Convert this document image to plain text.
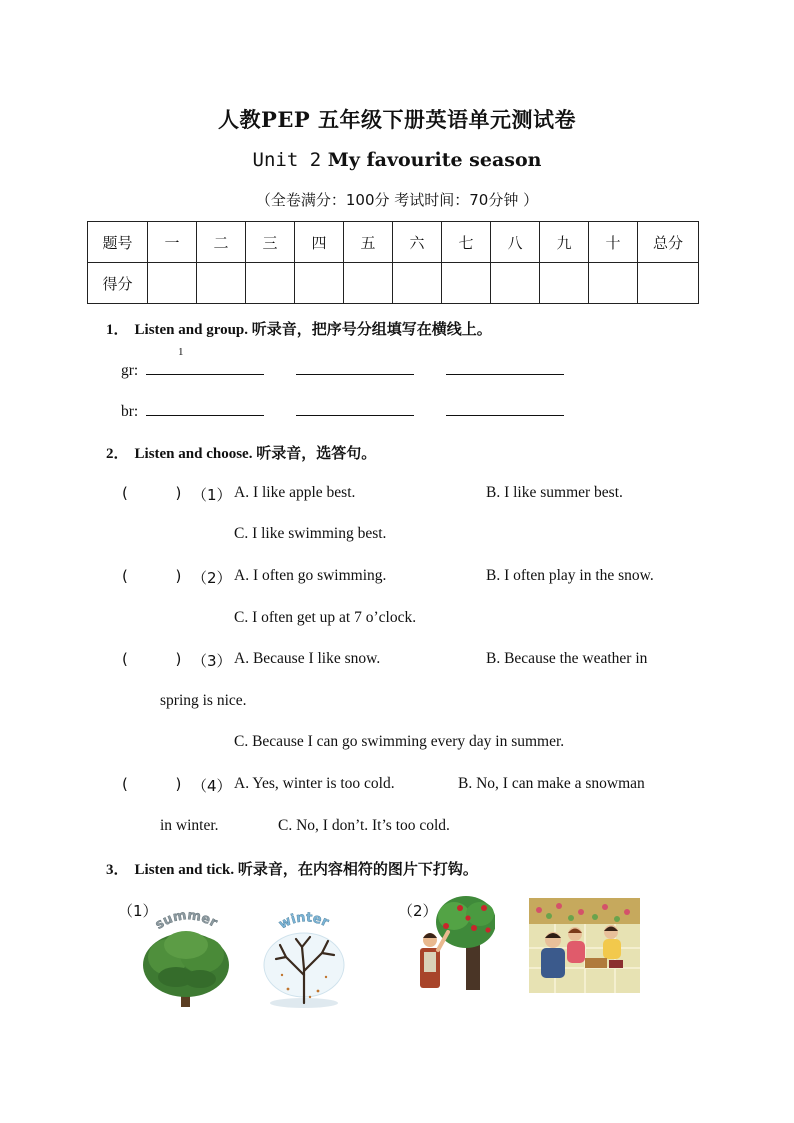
人教PEP 五年级下册英语单元测试卷
Unit 2 My favourite season
（全卷满分：100分 考试时间：70分钟 ）
题号	一	二	三	四	五	六	七	八	九	十	总分
得分											
1． Listen and group. 听录音，把序号分组填写在横线上。
1
gr:
br:
2． Listen and choose. 听录音，选答句。
(          ) （1） A. I like apple best.	B. I like summer best.
C. I like swimming best.
(          ) （2） A. I often go swimming.	B. I often play in the snow.
C. I often get up at 7 o’clock.
(          ) （3） A. Because I like snow.	B. Because the weather in
spring is nice.
C. Because I can go swimming every day in summer.
(          ) （4） A. Yes, winter is too cold.	B. No, I can make a snowman
in winter.	C. No, I don’t. It’s too cold.
3． Listen and tick. 听录音，在内容相符的图片下打钩。
（1）	（2）
summer	winter
